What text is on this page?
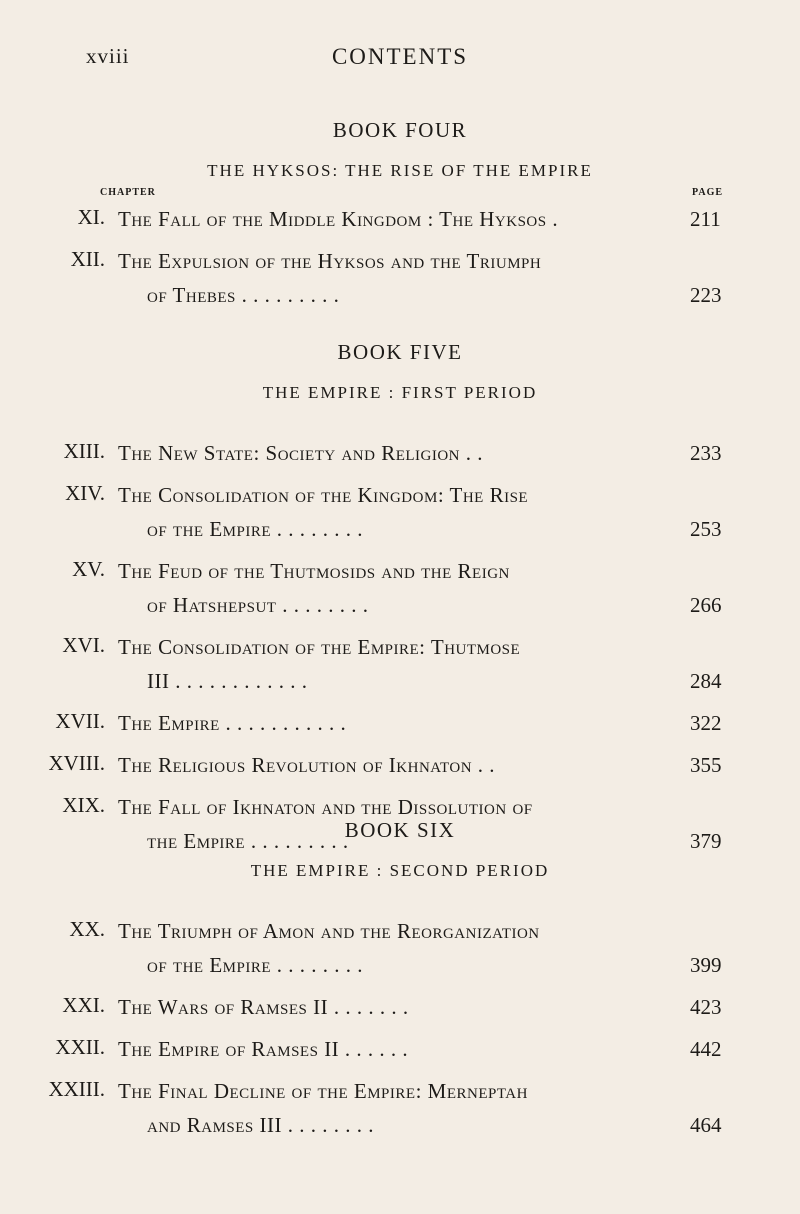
xviii	CONTENTS
BOOK FOUR
THE HYKSOS: THE RISE OF THE EMPIRE
CHAPTER	PAGE
XI. The Fall of the Middle Kingdom : The Hyksos .	211
XII. The Expulsion of the Hyksos and the Triumph
of Thebes . . . . . . . . .	223
BOOK FIVE
THE EMPIRE : FIRST PERIOD
XIII. The New State: Society and Religion . .	233
XIV. The Consolidation of the Kingdom: The Rise
of the Empire . . . . . . . .	253
XV. The Feud of the Thutmosids and the Reign
of Hatshepsut . . . . . . . .	266
XVI. The Consolidation of the Empire: Thutmose
III . . . . . . . . . . . .	284
XVII. The Empire . . . . . . . . . . .	322
XVIII. The Religious Revolution of Ikhnaton . .	355
XIX. The Fall of Ikhnaton and the Dissolution of
the Empire . . . . . . . . .	379
BOOK SIX
THE EMPIRE : SECOND PERIOD
XX. The Triumph of Amon and the Reorganization
of the Empire . . . . . . . .	399
XXI. The Wars of Ramses II . . . . . . .	423
XXII. The Empire of Ramses II . . . . . .	442
XXIII. The Final Decline of the Empire: Merneptah
and Ramses III . . . . . . . .	464
